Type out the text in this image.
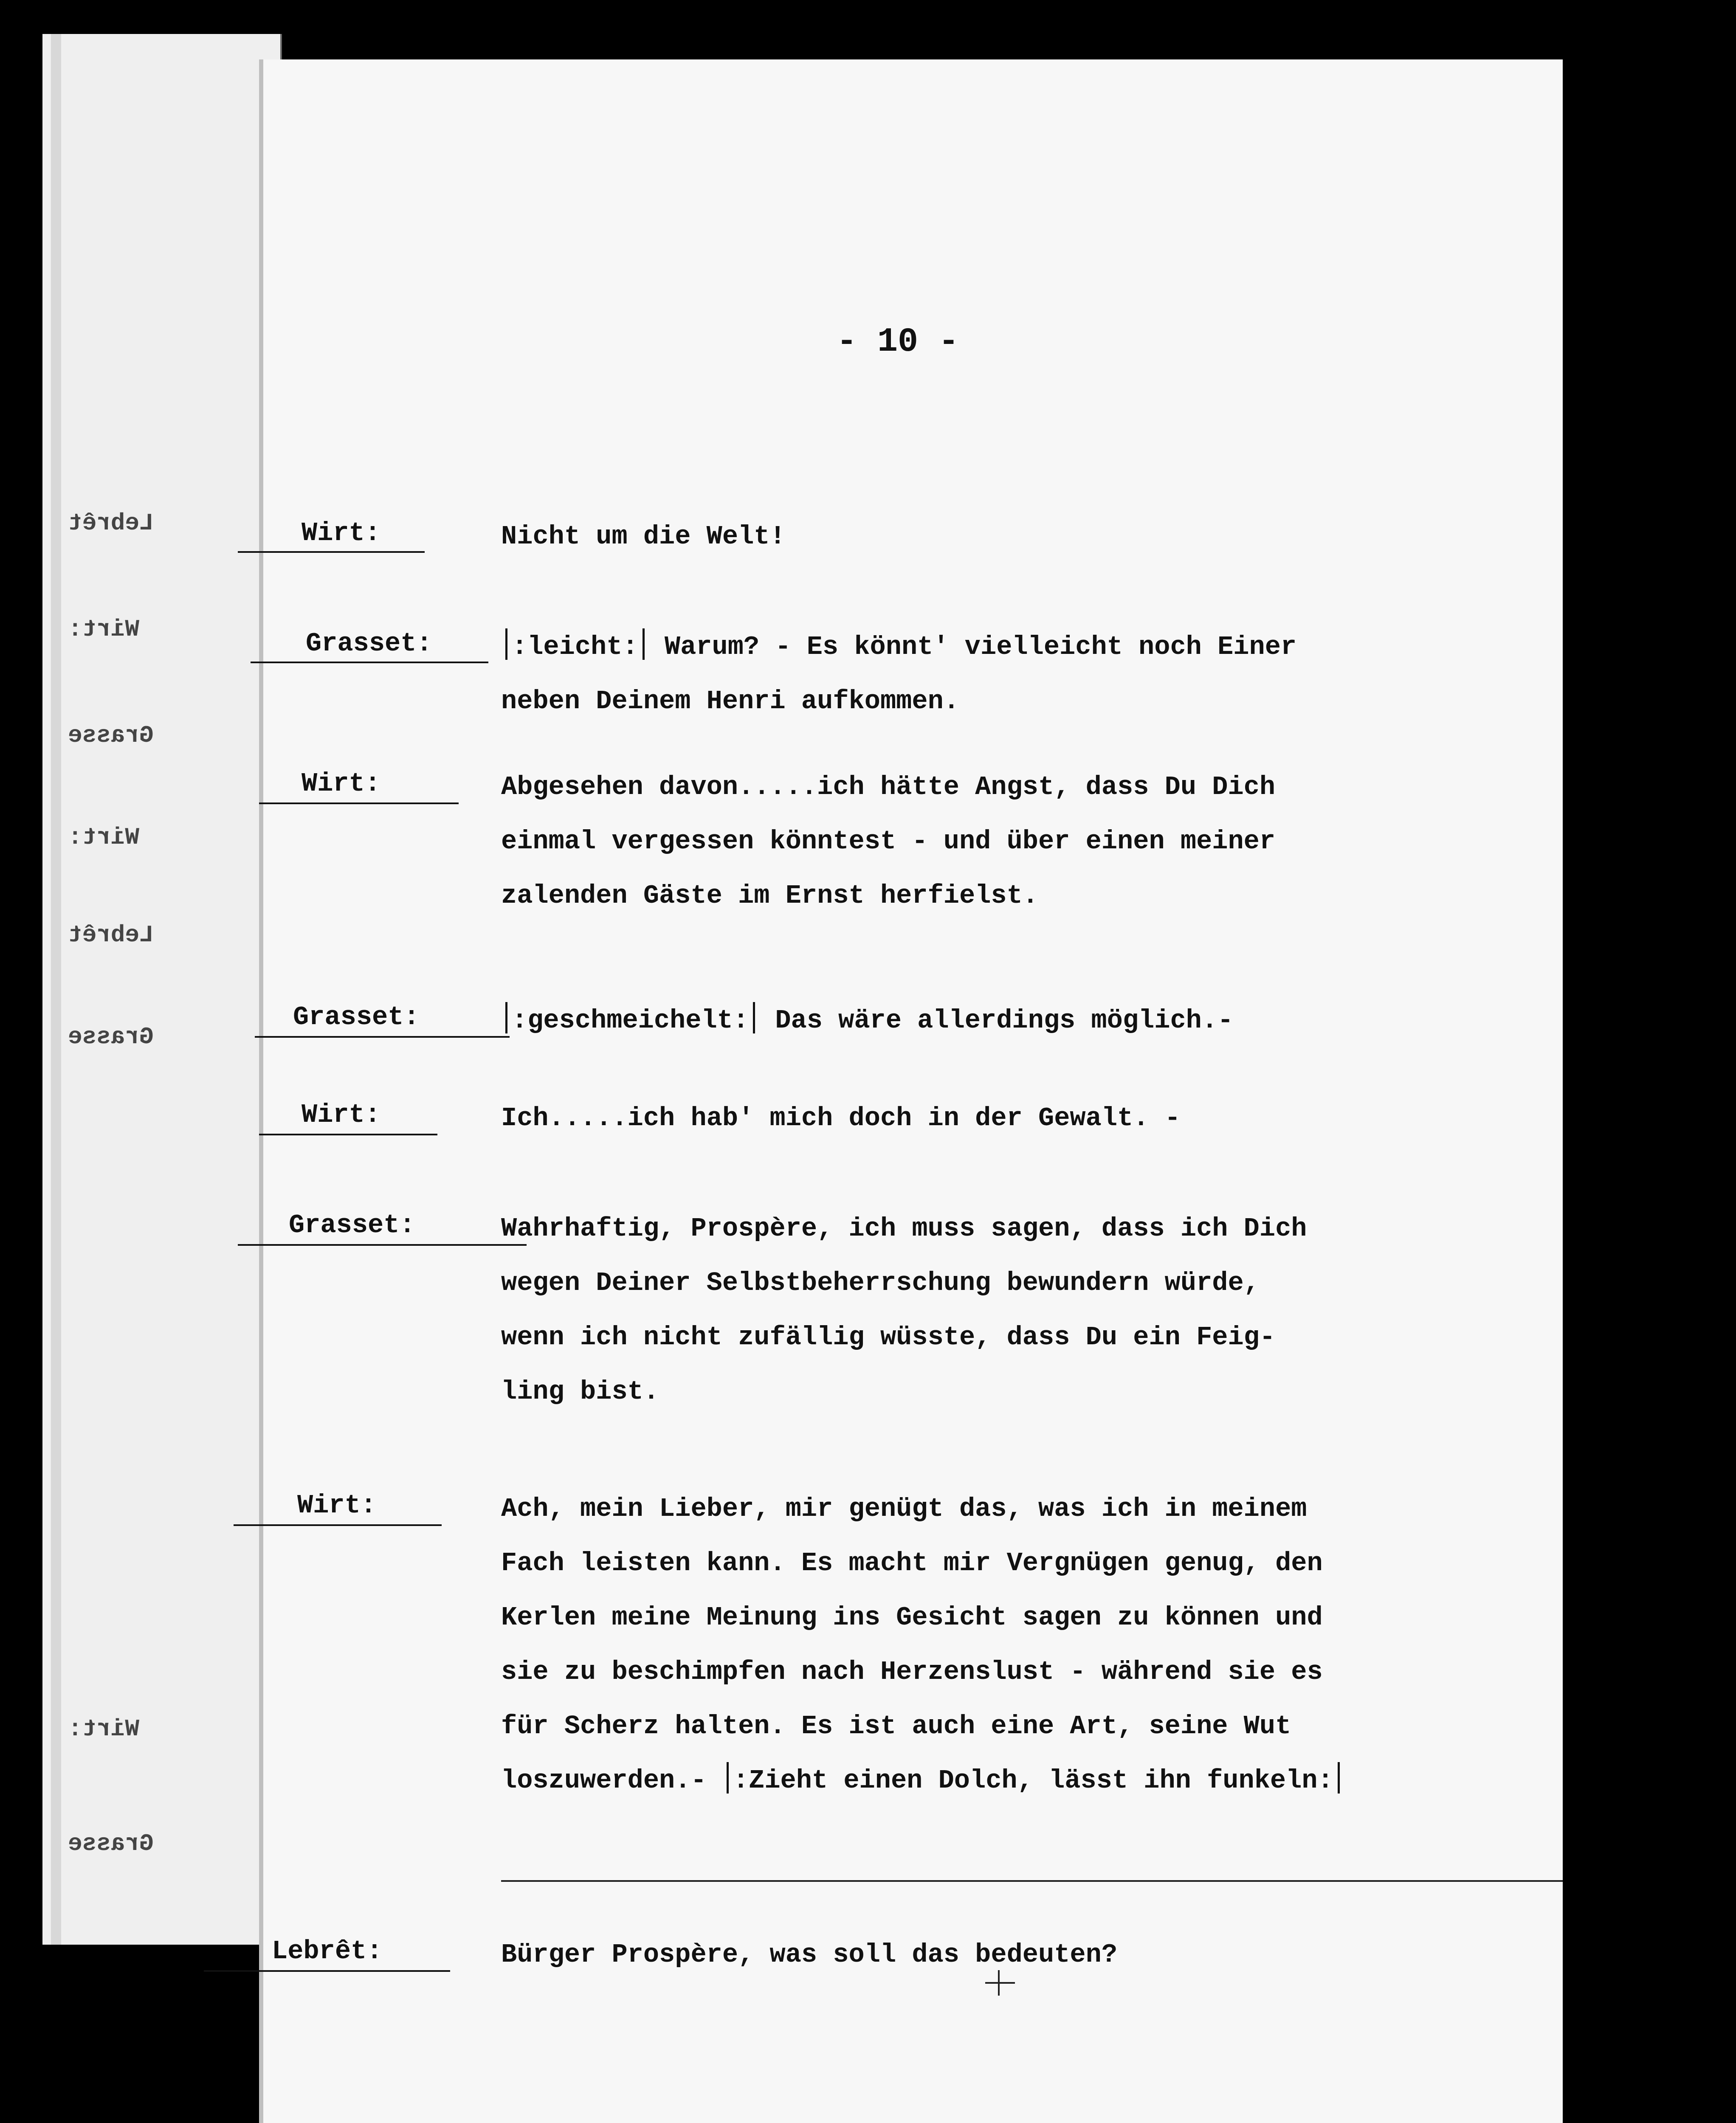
Lebrêt
Wirt:
Grasse
Wirt:
Lebrêt
Grasse
Wirt:
Grasse
- 10 -
Wirt:	Nicht um die Welt!
Grasset:	:leicht: Warum? - Es könnt' vielleicht noch Einer
neben Deinem Henri aufkommen.
Wirt:	Abgesehen davon.....ich hätte Angst, dass Du Dich
einmal vergessen könntest - und über einen meiner
zalenden Gäste im Ernst herfielst.
Grasset:	:geschmeichelt: Das wäre allerdings möglich.-
Wirt:	Ich.....ich hab' mich doch in der Gewalt. -
Grasset:	Wahrhaftig, Prospère, ich muss sagen, dass ich Dich
wegen Deiner Selbstbeherrschung bewundern würde,
wenn ich nicht zufällig wüsste, dass Du ein Feig-
ling bist.
Wirt:	Ach, mein Lieber, mir genügt das, was ich in meinem
Fach leisten kann. Es macht mir Vergnügen genug, den
Kerlen meine Meinung ins Gesicht sagen zu können und
sie zu beschimpfen nach Herzenslust - während sie es
für Scherz halten. Es ist auch eine Art, seine Wut
loszuwerden.- :Zieht einen Dolch, lässt ihn funkeln:
Lebrêt:	Bürger Prospère, was soll das bedeuten?
